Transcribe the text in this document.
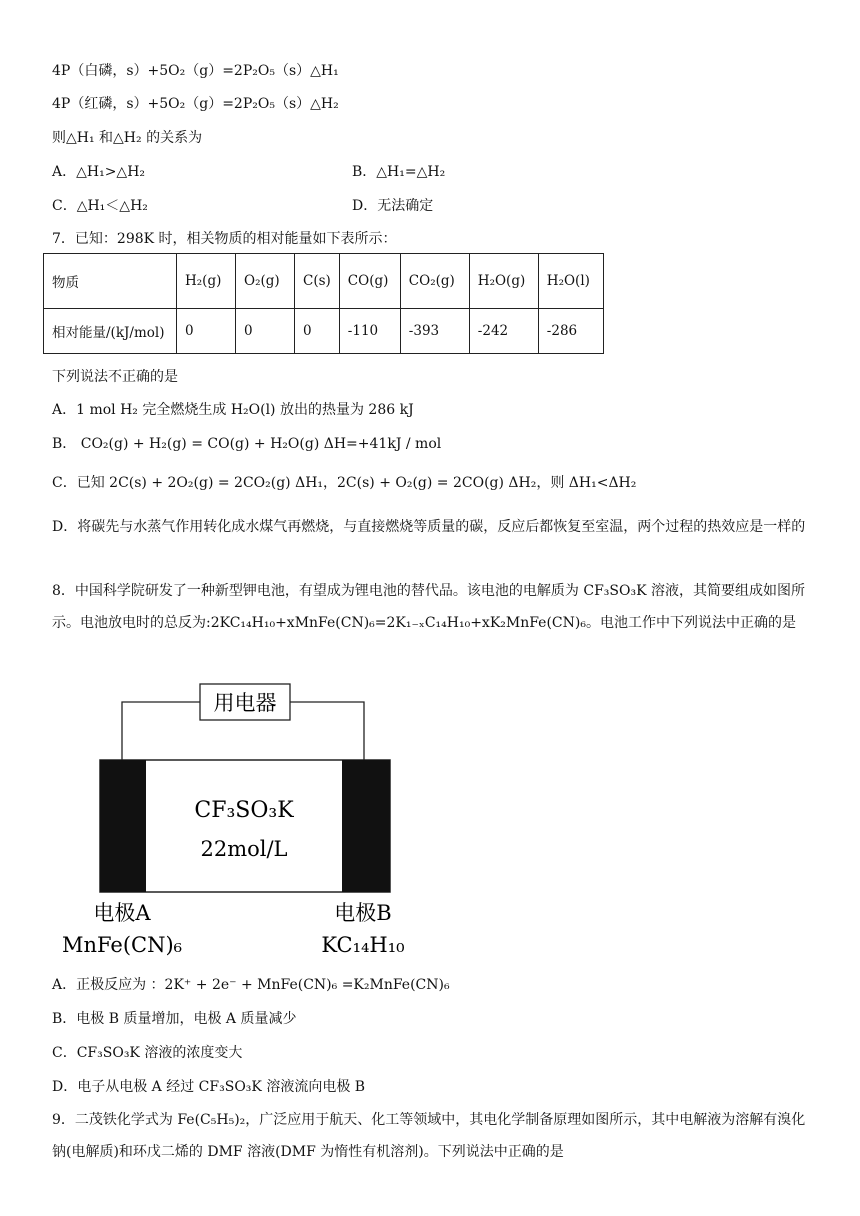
4P（白磷，s）+5O₂（g）=2P₂O₅（s）△H₁
4P（红磷，s）+5O₂（g）=2P₂O₅（s）△H₂
则△H₁ 和△H₂ 的关系为
A．△H₁>△H₂	B．△H₁=△H₂
C．△H₁＜△H₂	D．无法确定
7．已知：298K 时，相关物质的相对能量如下表所示：
物质	H₂(g)	O₂(g)	C(s)	CO(g)	CO₂(g)	H₂O(g)	H₂O(l)
相对能量/(kJ/mol)	0	0	0	-110	-393	-242	-286
下列说法不正确的是
A．1 mol H₂ 完全燃烧生成 H₂O(l) 放出的热量为 286 kJ
B． CO₂(g) + H₂(g) = CO(g) + H₂O(g) ΔH=+41kJ / mol
C．已知 2C(s) + 2O₂(g) = 2CO₂(g) ΔH₁，2C(s) + O₂(g) = 2CO(g) ΔH₂，则 ΔH₁<ΔH₂
D．将碳先与水蒸气作用转化成水煤气再燃烧，与直接燃烧等质量的碳，反应后都恢复至室温，两个过程的热效应是一样的
8．中国科学院研发了一种新型钾电池，有望成为锂电池的替代品。该电池的电解质为 CF₃SO₃K 溶液，其简要组成如图所示。电池放电时的总反为:2KC₁₄H₁₀+xMnFe(CN)₆=2K₁₋ₓC₁₄H₁₀+xK₂MnFe(CN)₆。电池工作中下列说法中正确的是
用电器
CF₃SO₃K
22mol/L
电极A
MnFe(CN)₆
电极B
KC₁₄H₁₀
A．正极反应为 ：2K⁺ + 2e⁻ + MnFe(CN)₆ =K₂MnFe(CN)₆
B．电极 B 质量增加，电极 A 质量减少
C．CF₃SO₃K 溶液的浓度变大
D．电子从电极 A 经过 CF₃SO₃K 溶液流向电极 B
9．二茂铁化学式为 Fe(C₅H₅)₂，广泛应用于航天、化工等领域中，其电化学制备原理如图所示，其中电解液为溶解有溴化钠(电解质)和环戊二烯的 DMF 溶液(DMF 为惰性有机溶剂)。下列说法中正确的是
